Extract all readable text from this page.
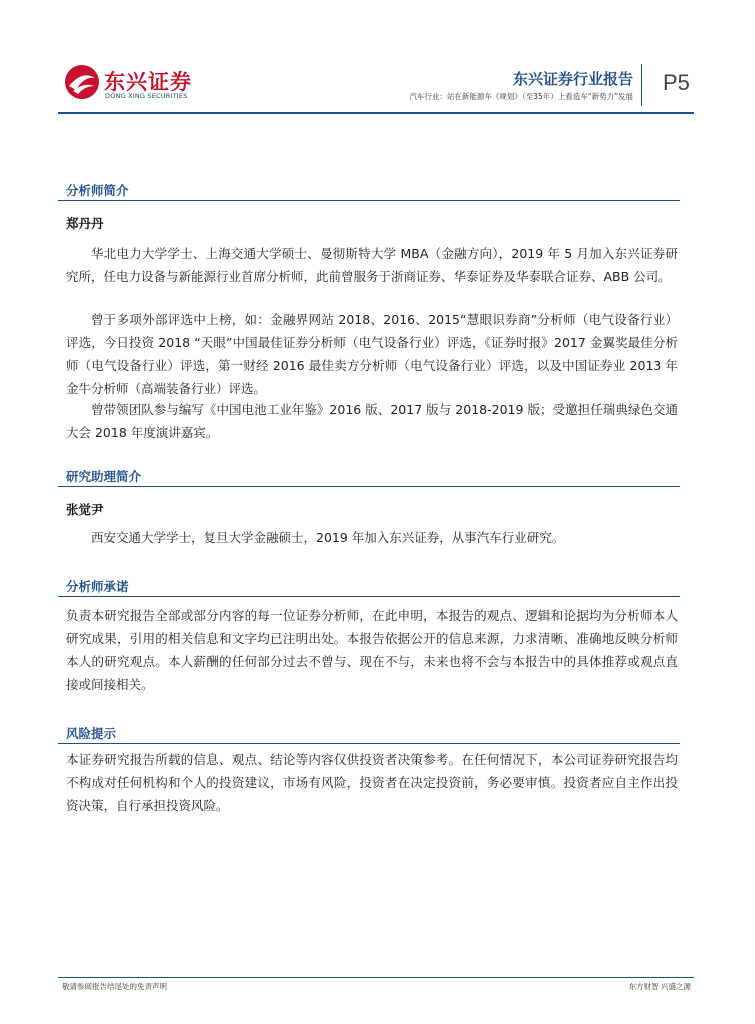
东兴证券
DONG XING SECURITIES
东兴证券行业报告
汽车行业：站在新能源车《规划》（至35年）上看造车“新势力”发展
P5
分析师简介
郑丹丹
华北电力大学学士、上海交通大学硕士、曼彻斯特大学 MBA（金融方向），2019 年 5 月加入东兴证券研究所，任电力设备与新能源行业首席分析师，此前曾服务于浙商证券、华泰证券及华泰联合证券、ABB 公司。
曾于多项外部评选中上榜，如：金融界网站 2018、2016、2015“慧眼识券商”分析师（电气设备行业）评选，今日投资 2018 “天眼”中国最佳证券分析师（电气设备行业）评选，《证券时报》2017 金翼奖最佳分析师（电气设备行业）评选，第一财经 2016 最佳卖方分析师（电气设备行业）评选，以及中国证券业 2013 年金牛分析师（高端装备行业）评选。
曾带领团队参与编写《中国电池工业年鉴》2016 版、2017 版与 2018-2019 版；受邀担任瑞典绿色交通大会 2018 年度演讲嘉宾。
研究助理简介
张觉尹
西安交通大学学士，复旦大学金融硕士，2019 年加入东兴证券，从事汽车行业研究。
分析师承诺
负责本研究报告全部或部分内容的每一位证券分析师，在此申明，本报告的观点、逻辑和论据均为分析师本人研究成果，引用的相关信息和文字均已注明出处。本报告依据公开的信息来源，力求清晰、准确地反映分析师本人的研究观点。本人薪酬的任何部分过去不曾与、现在不与，未来也将不会与本报告中的具体推荐或观点直接或间接相关。
风险提示
本证券研究报告所载的信息、观点、结论等内容仅供投资者决策参考。在任何情况下，本公司证券研究报告均不构成对任何机构和个人的投资建议，市场有风险，投资者在决定投资前，务必要审慎。投资者应自主作出投资决策，自行承担投资风险。
敬请参阅报告结尾处的免责声明	东方财智 兴盛之源
